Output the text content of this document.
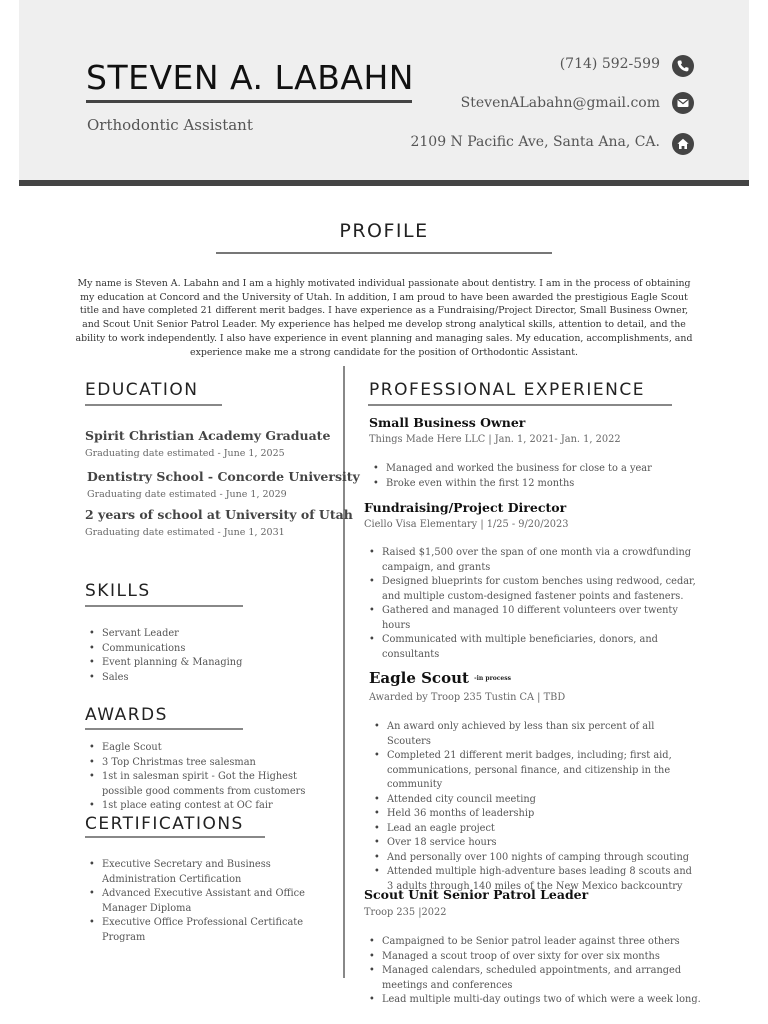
STEVEN A. LABAHN
Orthodontic Assistant
(714) 592-599
StevenALabahn@gmail.com
2109 N Pacific Ave, Santa Ana, CA.
PROFILE
My name is Steven A. Labahn and I am a highly motivated individual passionate about dentistry. I am in the process of obtaining my education at Concord and the University of Utah. In addition, I am proud to have been awarded the prestigious Eagle Scout title and have completed 21 different merit badges. I have experience as a Fundraising/Project Director, Small Business Owner, and Scout Unit Senior Patrol Leader. My experience has helped me develop strong analytical skills, attention to detail, and the ability to work independently. I also have experience in event planning and managing sales. My education, accomplishments, and experience make me a strong candidate for the position of Orthodontic Assistant.
EDUCATION
Spirit Christian Academy Graduate
Graduating date estimated - June 1, 2025
Dentistry School - Concorde University
Graduating date estimated - June 1, 2029
2 years of school at University of Utah
Graduating date estimated - June 1, 2031
SKILLS
• Servant Leader
• Communications
• Event planning & Managing
• Sales
AWARDS
• Eagle Scout
• 3 Top Christmas tree salesman
• 1st in salesman spirit - Got the Highest possible good comments from customers
• 1st place eating contest at OC fair
CERTIFICATIONS
• Executive Secretary and Business Administration Certification
• Advanced Executive Assistant and Office Manager Diploma
• Executive Office Professional Certificate Program
PROFESSIONAL EXPERIENCE
Small Business Owner
Things Made Here LLC | Jan. 1, 2021- Jan. 1, 2022
• Managed and worked the business for close to a year
• Broke even within the first 12 months
Fundraising/Project Director
Ciello Visa Elementary | 1/25 - 9/20/2023
• Raised $1,500 over the span of one month via a crowdfunding campaign, and grants
• Designed blueprints for custom benches using redwood, cedar, and multiple custom-designed fastener points and fasteners.
• Gathered and managed 10 different volunteers over twenty hours
• Communicated with multiple beneficiaries, donors, and consultants
Eagle Scout $^{-in process}$
Awarded by Troop 235 Tustin CA | TBD
• An award only achieved by less than six percent of all Scouters
• Completed 21 different merit badges, including; first aid, communications, personal finance, and citizenship in the community
• Attended city council meeting
• Held 36 months of leadership
• Lead an eagle project
• Over 18 service hours
• And personally over 100 nights of camping through scouting
• Attended multiple high-adventure bases leading 8 scouts and 3 adults through 140 miles of the New Mexico backcountry
Scout Unit Senior Patrol Leader
Troop 235 |2022
• Campaigned to be Senior patrol leader against three others
• Managed a scout troop of over sixty for over six months
• Managed calendars, scheduled appointments, and arranged meetings and conferences
• Lead multiple multi-day outings two of which were a week long.
